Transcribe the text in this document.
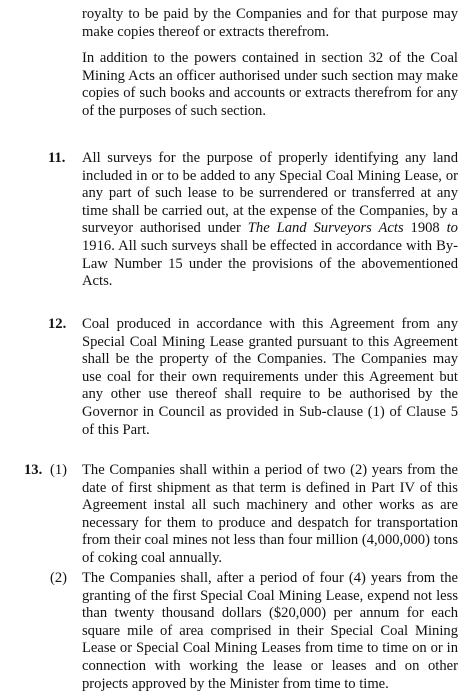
royalty to be paid by the Companies and for that purpose may make copies thereof or extracts therefrom.

In addition to the powers contained in section 32 of the Coal Mining Acts an officer authorised under such section may make copies of such books and accounts or extracts therefrom for any of the purposes of such section.

11. All surveys for the purpose of properly identifying any land included in or to be added to any Special Coal Mining Lease, or any part of such lease to be surrendered or transferred at any time shall be carried out, at the expense of the Companies, by a surveyor authorised under The Land Surveyors Acts 1908 to 1916. All such surveys shall be effected in accordance with By-Law Number 15 under the provisions of the abovementioned Acts.

12. Coal produced in accordance with this Agreement from any Special Coal Mining Lease granted pursuant to this Agreement shall be the property of the Companies. The Companies may use coal for their own requirements under this Agreement but any other use thereof shall require to be authorised by the Governor in Council as provided in Sub-clause (1) of Clause 5 of this Part.

13. (1) The Companies shall within a period of two (2) years from the date of first shipment as that term is defined in Part IV of this Agreement instal all such machinery and other works as are necessary for them to produce and despatch for transportation from their coal mines not less than four million (4,000,000) tons of coking coal annually.

(2) The Companies shall, after a period of four (4) years from the granting of the first Special Coal Mining Lease, expend not less than twenty thousand dollars ($20,000) per annum for each square mile of area comprised in their Special Coal Mining Lease or Special Coal Mining Leases from time to time on or in connection with working the lease or leases and on other projects approved by the Minister from time to time.
